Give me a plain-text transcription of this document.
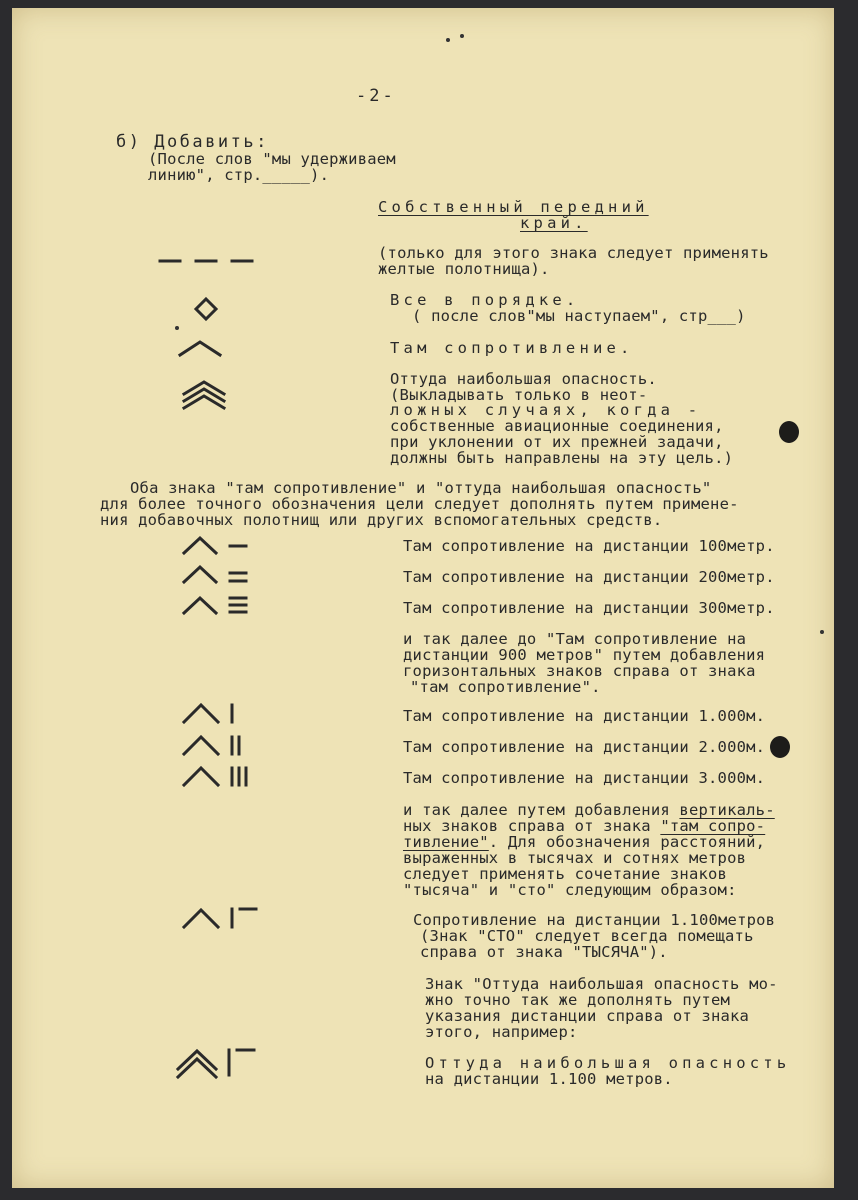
-2-
б) Добавить:
(После слов "мы удерживаем
линию", стр._____).
Собственный передний
край.
(только для этого знака следует применять
желтые полотнища).
Все в порядке.
( после слов"мы наступаем", стр___)
Там сопротивление.
Оттуда наибольшая опасность.
(Выкладывать только в неот-
ложных случаях, когда -
собственные авиационные соединения,
при уклонении от их прежней задачи,
должны быть направлены на эту цель.)
Оба знака "там сопротивление" и "оттуда наибольшая опасность"
для более точного обозначения цели следует дополнять путем примене-
ния добавочных полотнищ или других вспомогательных средств.
Там сопротивление на дистанции 100метр.
Там сопротивление на дистанции 200метр.
Там сопротивление на дистанции 300метр.
и так далее до "Там сопротивление на
дистанции 900 метров" путем добавления
горизонтальных знаков справа от знака
"там сопротивление".
Там сопротивление на дистанции 1.000м.
Там сопротивление на дистанции 2.000м.
Там сопротивление на дистанции 3.000м.
и так далее путем добавления вертикаль-
ных знаков справа от знака "там сопро-
тивление". Для обозначения расстояний,
выраженных в тысячах и сотнях метров
следует применять сочетание знаков
"тысяча" и "сто" следующим образом:
Сопротивление на дистанции 1.100метров
(Знак "СТО" следует всегда помещать
справа от знака "ТЫСЯЧА").
Знак "Оттуда наибольшая опасность мо-
жно точно так же дополнять путем
указания дистанции справа от знака
этого, например:
Оттуда наибольшая опасность
на дистанции 1.100 метров.
